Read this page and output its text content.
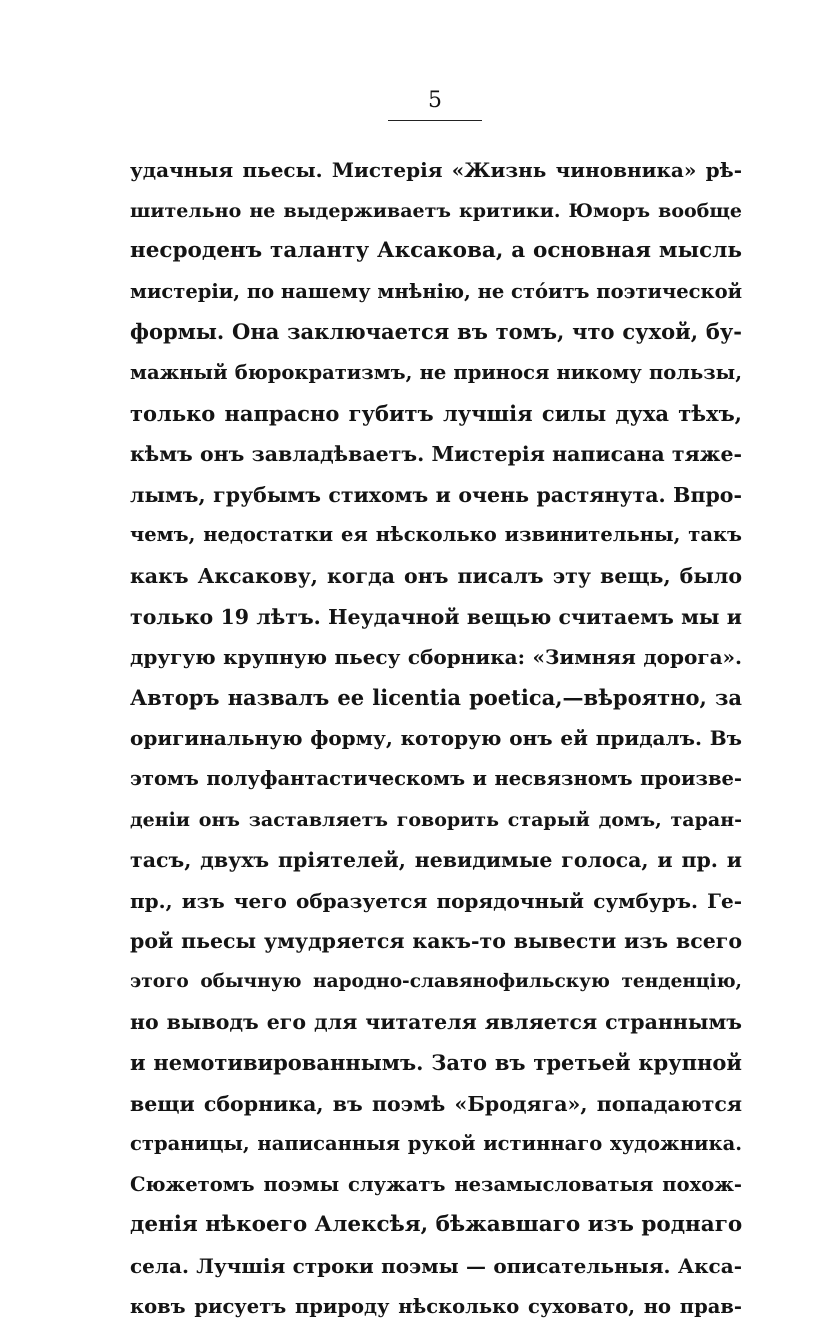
5
удачныя пьесы. Мистерія «Жизнь чиновника» рѣ-
шительно не выдерживаетъ критики. Юморъ вообще
несроденъ таланту Аксакова, а основная мысль
мистеріи, по нашему мнѣнію, не стóитъ поэтической
формы. Она заключается въ томъ, что сухой, бу-
мажный бюрократизмъ, не принося никому пользы,
только напрасно губитъ лучшія силы духа тѣхъ,
кѣмъ онъ завладѣваетъ. Мистерія написана тяже-
лымъ, грубымъ стихомъ и очень растянута. Впро-
чемъ, недостатки ея нѣсколько извинительны, такъ
какъ Аксакову, когда онъ писалъ эту вещь, было
только 19 лѣтъ. Неудачной вещью считаемъ мы и
другую крупную пьесу сборника: «Зимняя дорога».
Авторъ назвалъ ее licentia poetica,—вѣроятно, за
оригинальную форму, которую онъ ей придалъ. Въ
этомъ полуфантастическомъ и несвязномъ произве-
деніи онъ заставляетъ говорить старый домъ, таран-
тасъ, двухъ пріятелей, невидимые голоса, и пр. и
пр., изъ чего образуется порядочный сумбуръ. Ге-
рой пьесы умудряется какъ-то вывести изъ всего
этого обычную народно-славянофильскую тенденцію,
но выводъ его для читателя является страннымъ
и немотивированнымъ. Зато въ третьей крупной
вещи сборника, въ поэмѣ «Бродяга», попадаются
страницы, написанныя рукой истиннаго художника.
Сюжетомъ поэмы служатъ незамысловатыя похож-
денія нѣкоего Алексѣя, бѣжавшаго изъ роднаго
села. Лучшія строки поэмы — описательныя. Акса-
ковъ рисуетъ природу нѣсколько суховато, но прав-
